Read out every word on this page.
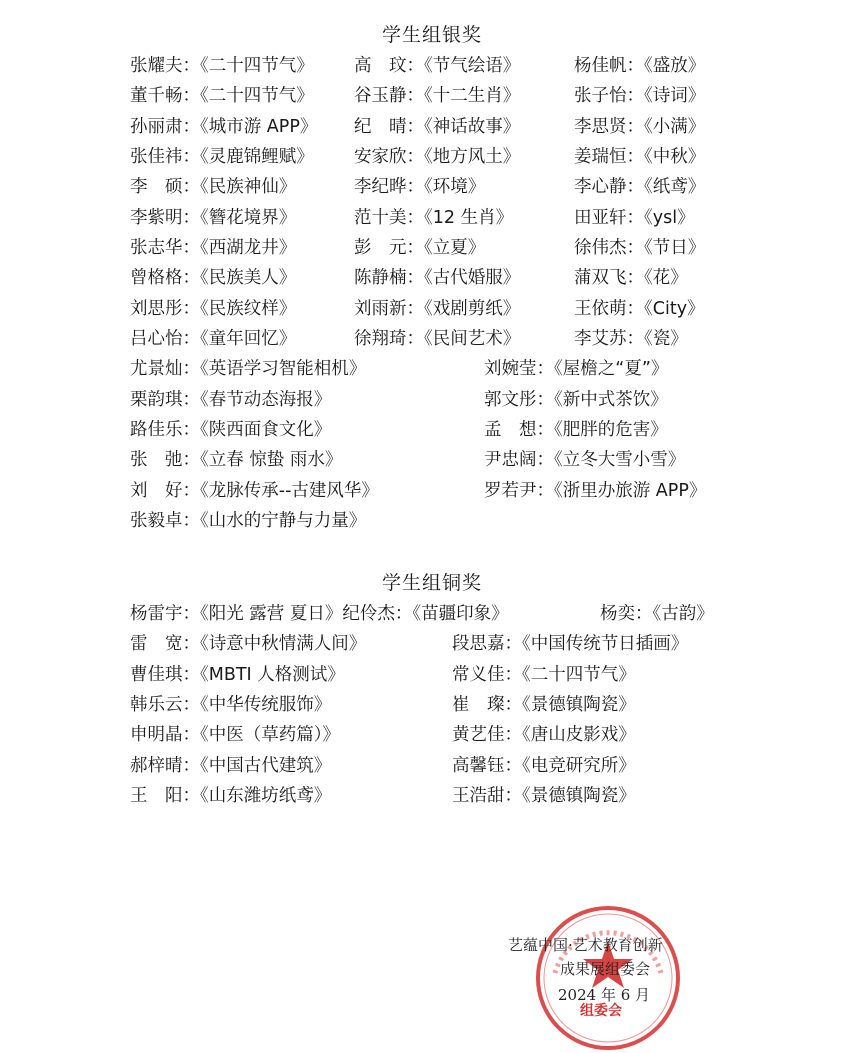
学生组银奖
张耀夫：《二十四节气》 高　玟：《节气绘语》	杨佳帆：《盛放》
董千畅：《二十四节气》 谷玉静：《十二生肖》	张子怡：《诗词》
孙丽肃：《城市游 APP》 纪　晴：《神话故事》	李思贤：《小满》
张佳祎：《灵鹿锦鲤赋》 安家欣：《地方风土》	姜瑞恒：《中秋》
李　硕：《民族神仙》	李纪晔：《环境》	李心静：《纸鸢》
李紫明：《簪花境界》	范十美：《12 生肖》	田亚轩：《ysl》
张志华：《西湖龙井》	彭　元：《立夏》	徐伟杰：《节日》
曾格格：《民族美人》	陈静楠：《古代婚服》	蒲双飞：《花》
刘思彤：《民族纹样》	刘雨新：《戏剧剪纸》	王依萌：《City》
吕心怡：《童年回忆》	徐翔琦：《民间艺术》	李艾苏：《瓷》
尤景灿：《英语学习智能相机》	刘婉莹：《屋檐之“夏”》
栗韵琪：《春节动态海报》	郭文彤：《新中式茶饮》
路佳乐：《陕西面食文化》	孟　想：《肥胖的危害》
张　弛：《立春 惊蛰 雨水》	尹忠阔：《立冬大雪小雪》
刘　好：《龙脉传承--古建风华》	罗若尹：《浙里办旅游 APP》
张毅卓：《山水的宁静与力量》
学生组铜奖
杨雷宇：《阳光 露营 夏日》纪伶杰：《苗疆印象》	杨奕：《古韵》
雷　宽：《诗意中秋情满人间》	段思嘉：《中国传统节日插画》
曹佳琪：《MBTI 人格测试》	常义佳：《二十四节气》
韩乐云：《中华传统服饰》	崔　璨：《景德镇陶瓷》
申明晶：《中医（草药篇）》	黄艺佳：《唐山皮影戏》
郝梓晴：《中国古代建筑》	高馨钰：《电竞研究所》
王　阳：《山东潍坊纸鸢》	王浩甜：《景德镇陶瓷》
艺蕴中国·艺术教育创新
成果展组委会
2024 年 6 月
组委会
